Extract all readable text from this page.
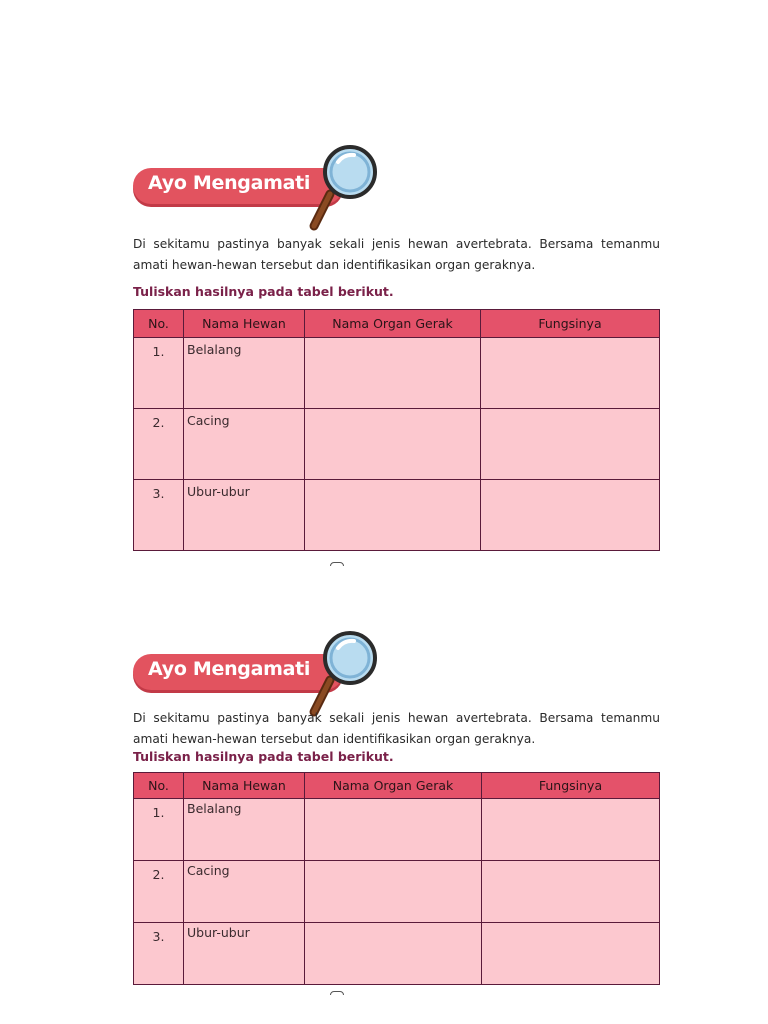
Ayo Mengamati

Di sekitamu pastinya banyak sekali jenis hewan avertebrata. Bersama temanmu amati hewan-hewan tersebut dan identifikasikan organ geraknya.

Tuliskan hasilnya pada tabel berikut.

No.	Nama Hewan	Nama Organ Gerak	Fungsinya
1.	Belalang		
2.	Cacing		
3.	Ubur-ubur		
Ayo Mengamati

Di sekitamu pastinya banyak sekali jenis hewan avertebrata. Bersama temanmu amati hewan-hewan tersebut dan identifikasikan organ geraknya.

Tuliskan hasilnya pada tabel berikut.

No.	Nama Hewan	Nama Organ Gerak	Fungsinya
1.	Belalang		
2.	Cacing		
3.	Ubur-ubur		
